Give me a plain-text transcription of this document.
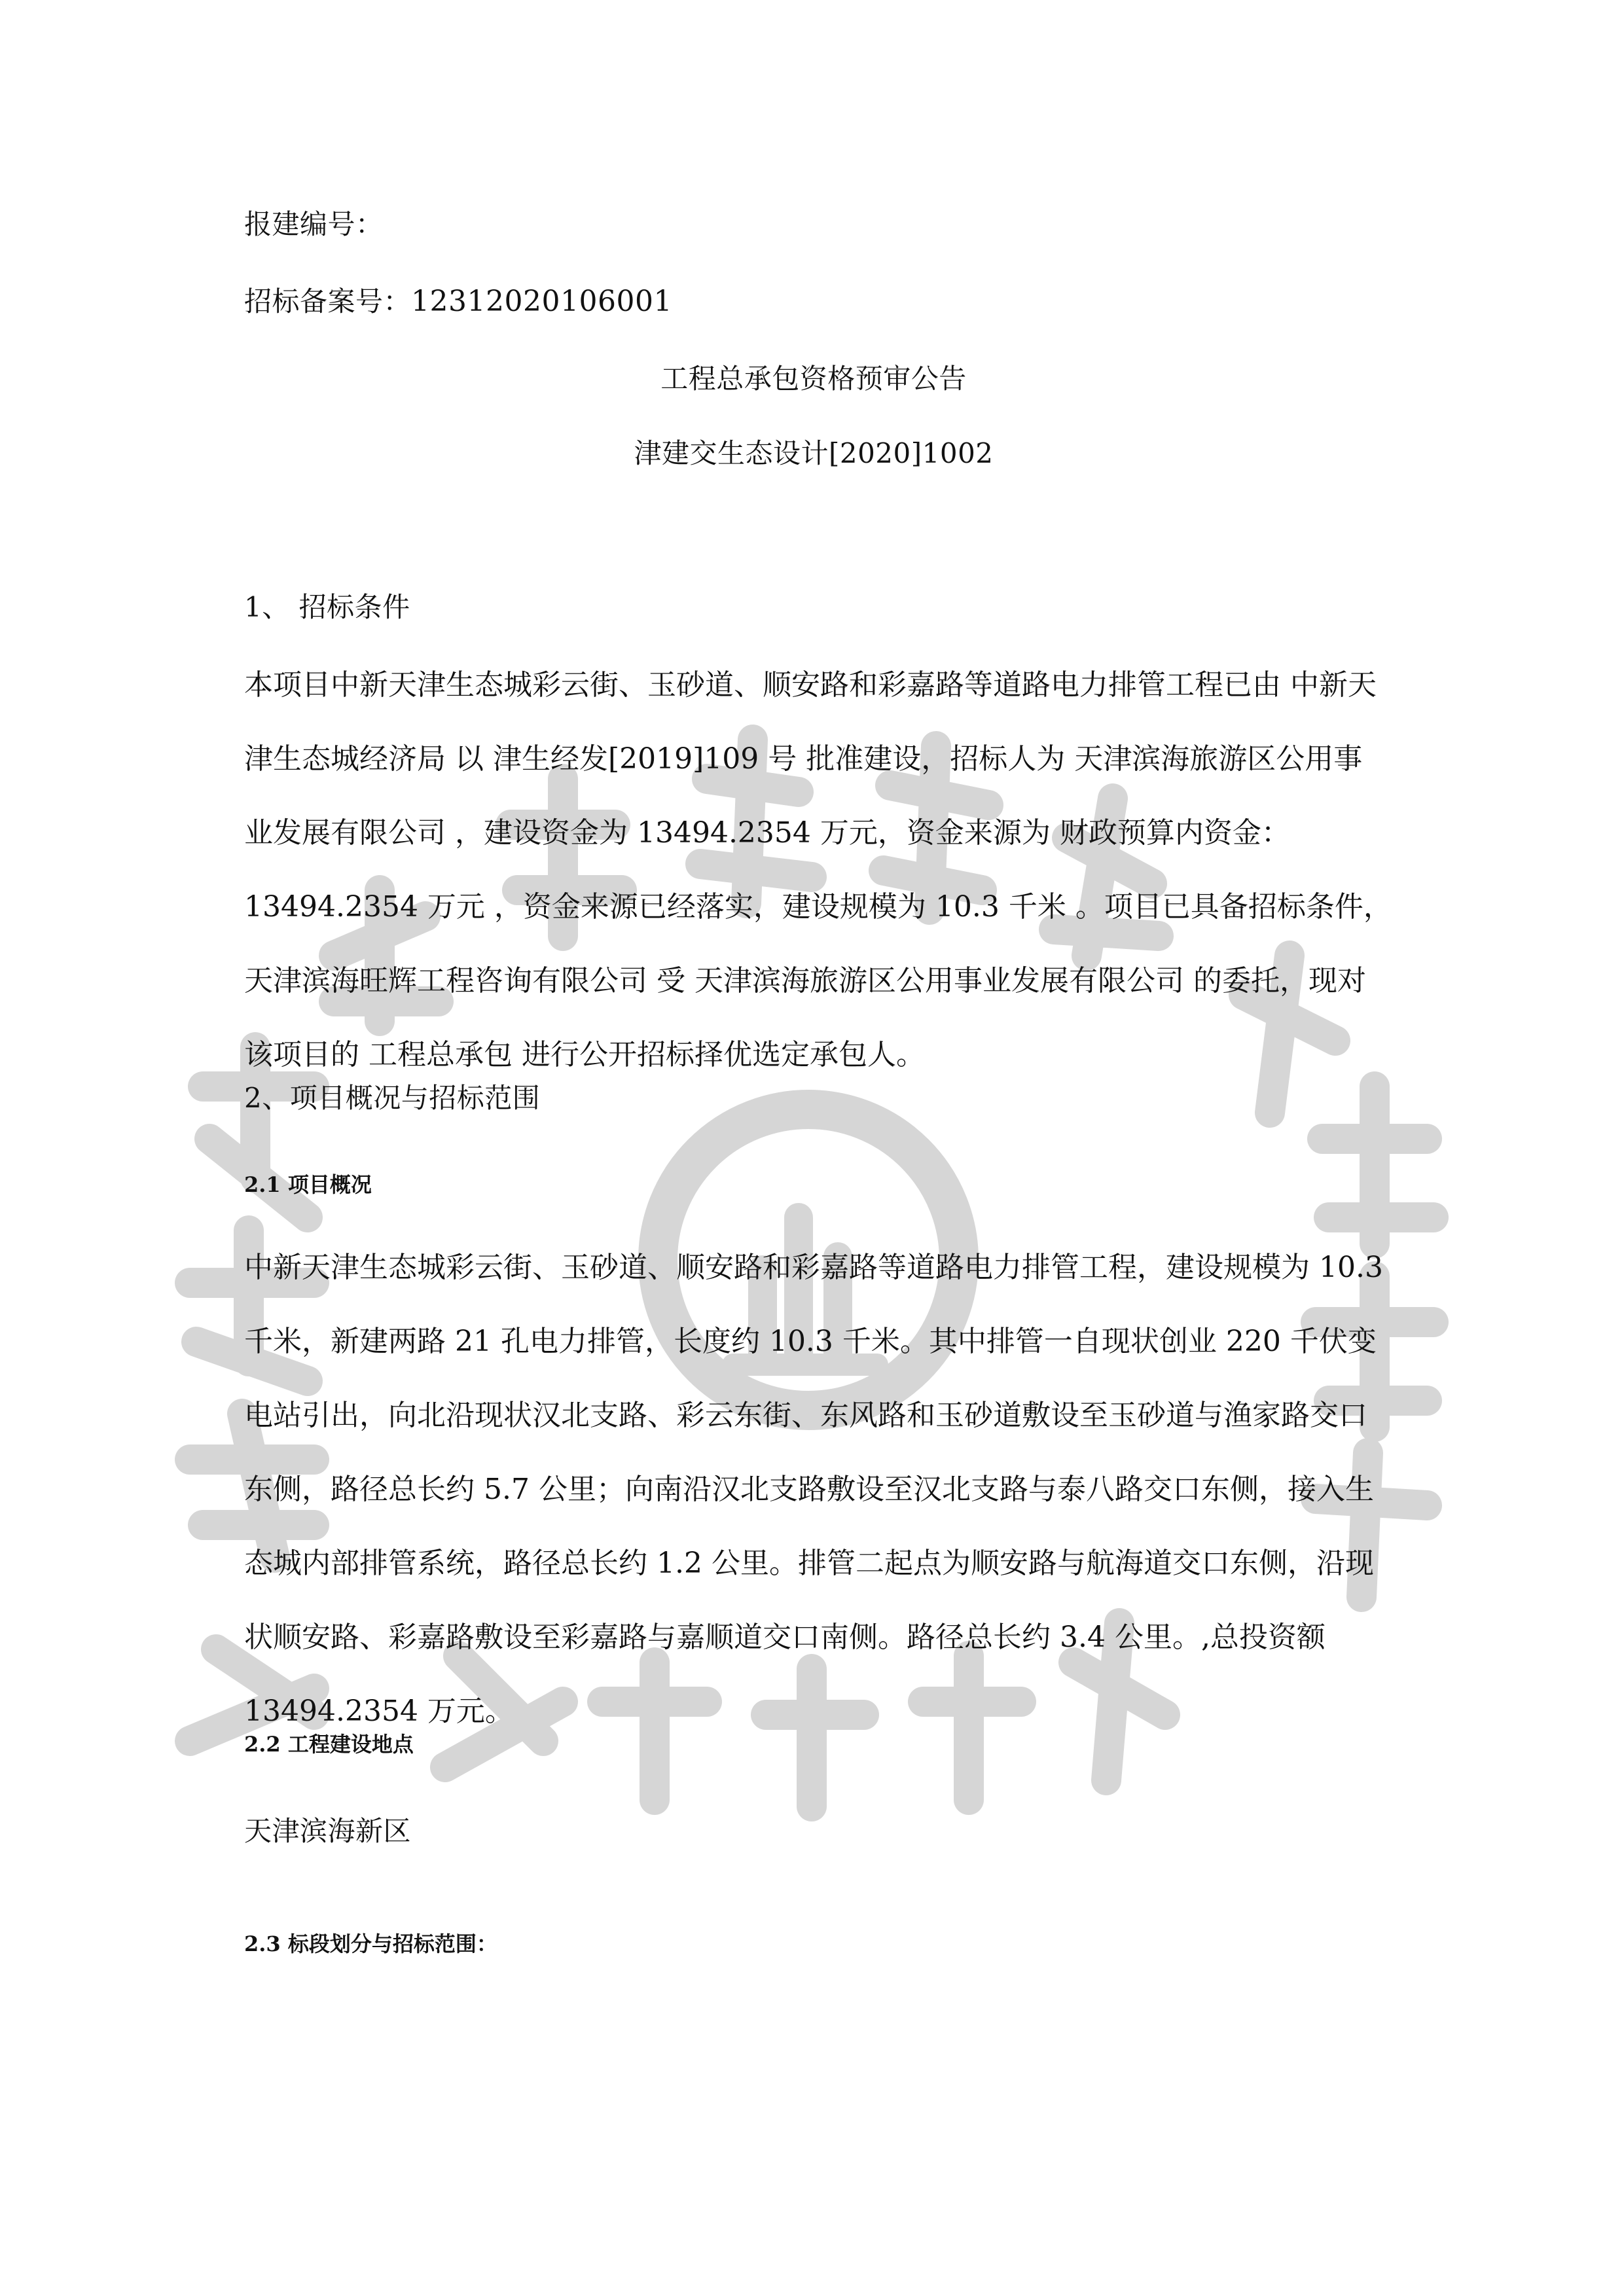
报建编号：
招标备案号：12312020106001
工程总承包资格预审公告
津建交生态设计[2020]1002
1、 招标条件
本项目中新天津生态城彩云街、玉砂道、顺安路和彩嘉路等道路电力排管工程已由 中新天
津生态城经济局 以 津生经发[2019]109 号 批准建设，招标人为 天津滨海旅游区公用事
业发展有限公司 ，建设资金为 13494.2354 万元，资金来源为 财政预算内资金：
13494.2354 万元 ，资金来源已经落实，建设规模为 10.3 千米 。项目已具备招标条件，
天津滨海旺辉工程咨询有限公司 受 天津滨海旅游区公用事业发展有限公司 的委托，现对
该项目的 工程总承包 进行公开招标择优选定承包人。
2、项目概况与招标范围
2.1 项目概况
中新天津生态城彩云街、玉砂道、顺安路和彩嘉路等道路电力排管工程，建设规模为 10.3
千米，新建两路 21 孔电力排管，长度约 10.3 千米。其中排管一自现状创业 220 千伏变
电站引出，向北沿现状汉北支路、彩云东街、东风路和玉砂道敷设至玉砂道与渔家路交口
东侧，路径总长约 5.7 公里；向南沿汉北支路敷设至汉北支路与泰八路交口东侧，接入生
态城内部排管系统，路径总长约 1.2 公里。排管二起点为顺安路与航海道交口东侧，沿现
状顺安路、彩嘉路敷设至彩嘉路与嘉顺道交口南侧。路径总长约 3.4 公里。,总投资额
13494.2354 万元。
2.2 工程建设地点
天津滨海新区
2.3 标段划分与招标范围：
